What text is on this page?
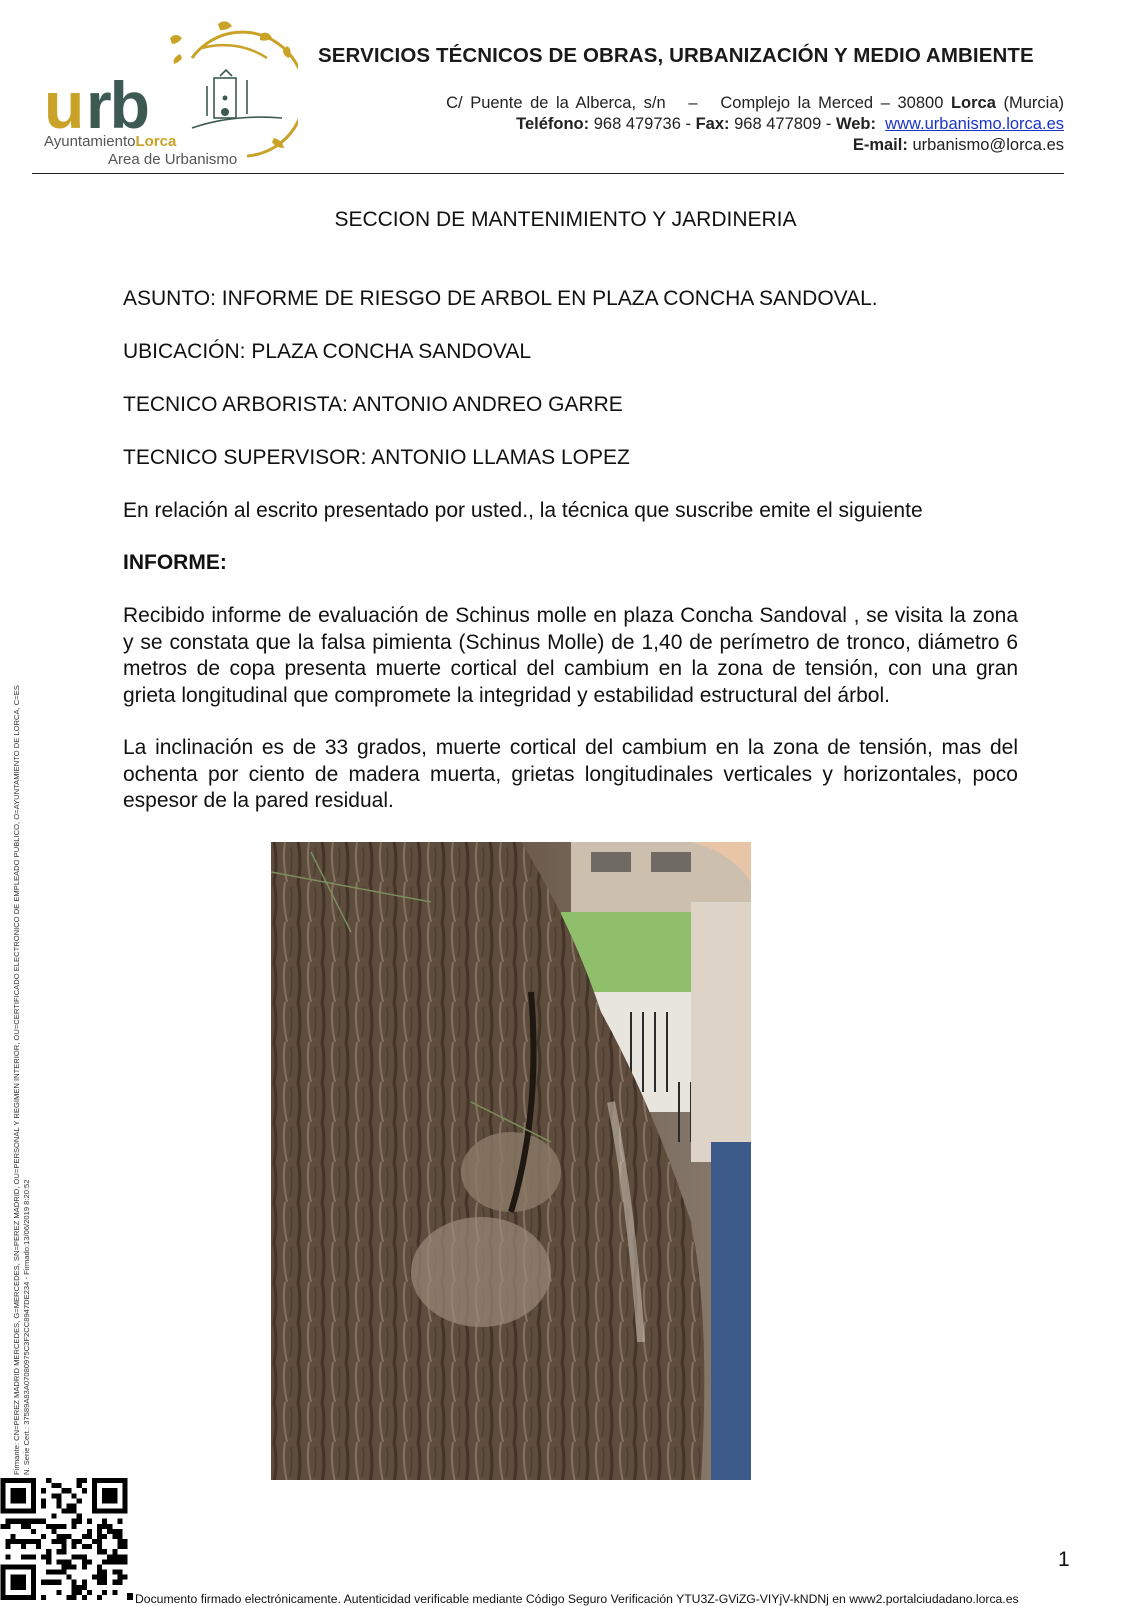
u rb
AyuntamientoLorca
Area de Urbanismo
SERVICIOS TÉCNICOS DE OBRAS, URBANIZACIÓN Y MEDIO AMBIENTE
C/ Puente de la Alberca, s/n – Complejo la Merced – 30800 Lorca (Murcia)
Teléfono: 968 479736 - Fax: 968 477809 - Web: www.urbanismo.lorca.es
E-mail: urbanismo@lorca.es
SECCION DE MANTENIMIENTO Y JARDINERIA
ASUNTO: INFORME DE RIESGO DE ARBOL EN PLAZA CONCHA SANDOVAL.
UBICACIÓN: PLAZA CONCHA SANDOVAL
TECNICO ARBORISTA: ANTONIO ANDREO GARRE
TECNICO SUPERVISOR: ANTONIO LLAMAS LOPEZ
En relación al escrito presentado por usted., la técnica que suscribe emite el siguiente
INFORME:
Recibido informe de evaluación de Schinus molle en plaza Concha Sandoval , se visita la zona y se constata que la falsa pimienta (Schinus Molle) de 1,40 de perímetro de tronco, diámetro 6 metros de copa presenta muerte cortical del cambium en la zona de tensión, con una gran grieta longitudinal que compromete la integridad y estabilidad estructural del árbol.
La inclinación es de 33 grados, muerte cortical del cambium en la zona de tensión, mas del ochenta por ciento de madera muerta, grietas longitudinales verticales y horizontales, poco espesor de la pared residual.
Firmante: CN=PEREZ MADRID MERCEDES, G=MERCEDES, SN=PEREZ MADRID, OU=PERSONAL Y REGIMEN INTERIOR, OU=CERTIFICADO ELECTRONICO DE EMPLEADO PUBLICO, O=AYUNTAMIENTO DE LORCA, C=ES N. Serie Cert.: 37589A83A07080975C3F2CC8947DE234 - Firmado:13/06/2019 8:20:52
1
Documento firmado electrónicamente. Autenticidad verificable mediante Código Seguro Verificación YTU3Z-GViZG-VIYjV-kNDNj en www2.portalciudadano.lorca.es
